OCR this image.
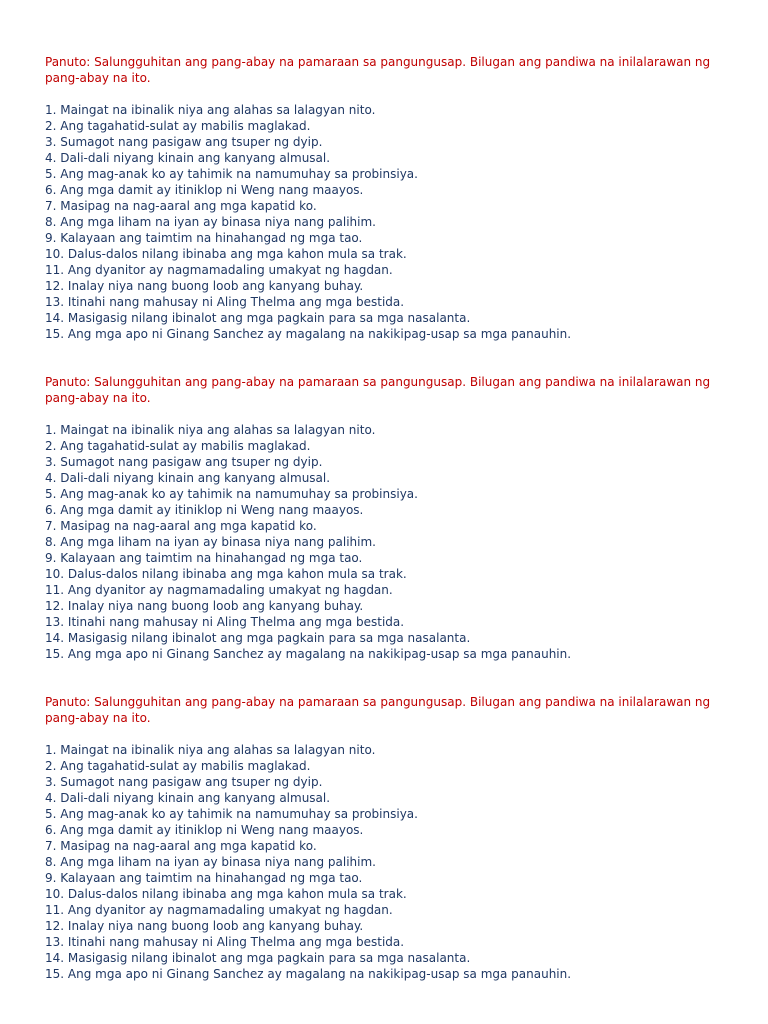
Panuto: Salungguhitan ang pang-abay na pamaraan sa pangungusap. Bilugan ang pandiwa na inilalarawan ng pang-abay na ito.

1. Maingat na ibinalik niya ang alahas sa lalagyan nito.
2. Ang tagahatid-sulat ay mabilis maglakad.
3. Sumagot nang pasigaw ang tsuper ng dyip.
4. Dali-dali niyang kinain ang kanyang almusal.
5. Ang mag-anak ko ay tahimik na namumuhay sa probinsiya.
6. Ang mga damit ay itiniklop ni Weng nang maayos.
7. Masipag na nag-aaral ang mga kapatid ko.
8. Ang mga liham na iyan ay binasa niya nang palihim.
9. Kalayaan ang taimtim na hinahangad ng mga tao.
10. Dalus-dalos nilang ibinaba ang mga kahon mula sa trak.
11. Ang dyanitor ay nagmamadaling umakyat ng hagdan.
12. Inalay niya nang buong loob ang kanyang buhay.
13. Itinahi nang mahusay ni Aling Thelma ang mga bestida.
14. Masigasig nilang ibinalot ang mga pagkain para sa mga nasalanta.
15. Ang mga apo ni Ginang Sanchez ay magalang na nakikipag-usap sa mga panauhin.

Panuto: Salungguhitan ang pang-abay na pamaraan sa pangungusap. Bilugan ang pandiwa na inilalarawan ng pang-abay na ito.

1. Maingat na ibinalik niya ang alahas sa lalagyan nito.
2. Ang tagahatid-sulat ay mabilis maglakad.
3. Sumagot nang pasigaw ang tsuper ng dyip.
4. Dali-dali niyang kinain ang kanyang almusal.
5. Ang mag-anak ko ay tahimik na namumuhay sa probinsiya.
6. Ang mga damit ay itiniklop ni Weng nang maayos.
7. Masipag na nag-aaral ang mga kapatid ko.
8. Ang mga liham na iyan ay binasa niya nang palihim.
9. Kalayaan ang taimtim na hinahangad ng mga tao.
10. Dalus-dalos nilang ibinaba ang mga kahon mula sa trak.
11. Ang dyanitor ay nagmamadaling umakyat ng hagdan.
12. Inalay niya nang buong loob ang kanyang buhay.
13. Itinahi nang mahusay ni Aling Thelma ang mga bestida.
14. Masigasig nilang ibinalot ang mga pagkain para sa mga nasalanta.
15. Ang mga apo ni Ginang Sanchez ay magalang na nakikipag-usap sa mga panauhin.

Panuto: Salungguhitan ang pang-abay na pamaraan sa pangungusap. Bilugan ang pandiwa na inilalarawan ng pang-abay na ito.

1. Maingat na ibinalik niya ang alahas sa lalagyan nito.
2. Ang tagahatid-sulat ay mabilis maglakad.
3. Sumagot nang pasigaw ang tsuper ng dyip.
4. Dali-dali niyang kinain ang kanyang almusal.
5. Ang mag-anak ko ay tahimik na namumuhay sa probinsiya.
6. Ang mga damit ay itiniklop ni Weng nang maayos.
7. Masipag na nag-aaral ang mga kapatid ko.
8. Ang mga liham na iyan ay binasa niya nang palihim.
9. Kalayaan ang taimtim na hinahangad ng mga tao.
10. Dalus-dalos nilang ibinaba ang mga kahon mula sa trak.
11. Ang dyanitor ay nagmamadaling umakyat ng hagdan.
12. Inalay niya nang buong loob ang kanyang buhay.
13. Itinahi nang mahusay ni Aling Thelma ang mga bestida.
14. Masigasig nilang ibinalot ang mga pagkain para sa mga nasalanta.
15. Ang mga apo ni Ginang Sanchez ay magalang na nakikipag-usap sa mga panauhin.
